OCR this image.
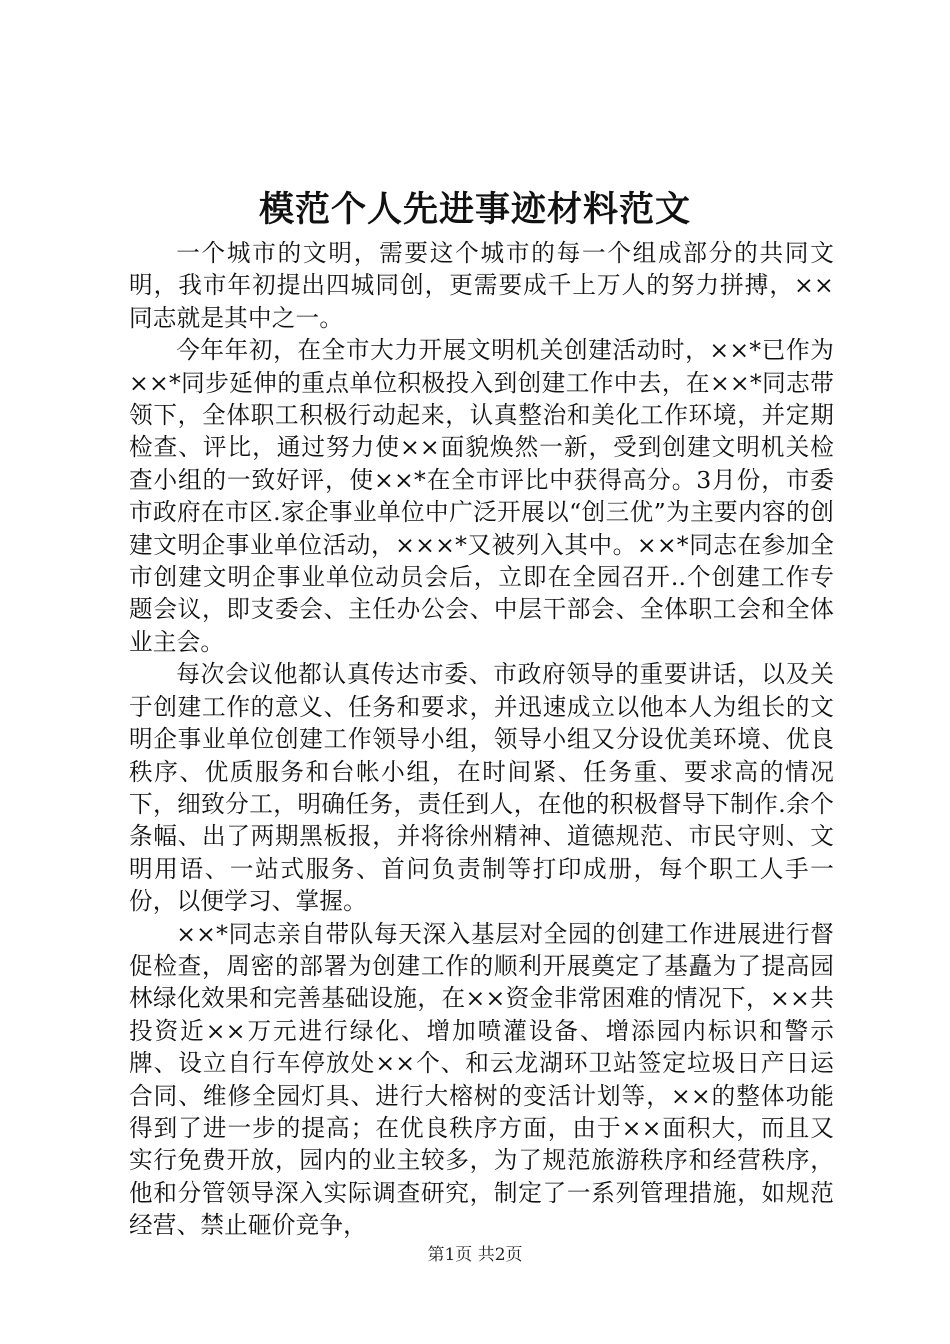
模范个人先进事迹材料范文

一个城市的文明，需要这个城市的每一个组成部分的共同文明，我市年初提出四城同创，更需要成千上万人的努力拼搏，××同志就是其中之一。

今年年初，在全市大力开展文明机关创建活动时，××*已作为××*同步延伸的重点单位积极投入到创建工作中去，在××*同志带领下，全体职工积极行动起来，认真整治和美化工作环境，并定期检查、评比，通过努力使××面貌焕然一新，受到创建文明机关检查小组的一致好评，使××*在全市评比中获得高分。3月份，市委市政府在市区.家企事业单位中广泛开展以“创三优”为主要内容的创建文明企事业单位活动，×××*又被列入其中。××*同志在参加全市创建文明企事业单位动员会后，立即在全园召开..个创建工作专题会议，即支委会、主任办公会、中层干部会、全体职工会和全体业主会。

每次会议他都认真传达市委、市政府领导的重要讲话，以及关于创建工作的意义、任务和要求，并迅速成立以他本人为组长的文明企事业单位创建工作领导小组，领导小组又分设优美环境、优良秩序、优质服务和台帐小组，在时间紧、任务重、要求高的情况下，细致分工，明确任务，责任到人，在他的积极督导下制作.余个条幅、出了两期黑板报，并将徐州精神、道德规范、市民守则、文明用语、一站式服务、首问负责制等打印成册，每个职工人手一份，以便学习、掌握。

××*同志亲自带队每天深入基层对全园的创建工作进展进行督促检查，周密的部署为创建工作的顺利开展奠定了基矗为了提高园林绿化效果和完善基础设施，在××资金非常困难的情况下，××共投资近××万元进行绿化、增加喷灌设备、增添园内标识和警示牌、设立自行车停放处××个、和云龙湖环卫站签定垃圾日产日运合同、维修全园灯具、进行大榕树的变活计划等，××的整体功能得到了进一步的提高；在优良秩序方面，由于××面积大，而且又实行免费开放，园内的业主较多，为了规范旅游秩序和经营秩序，他和分管领导深入实际调查研究，制定了一系列管理措施，如规范经营、禁止砸价竞争，

第1页 共2页
